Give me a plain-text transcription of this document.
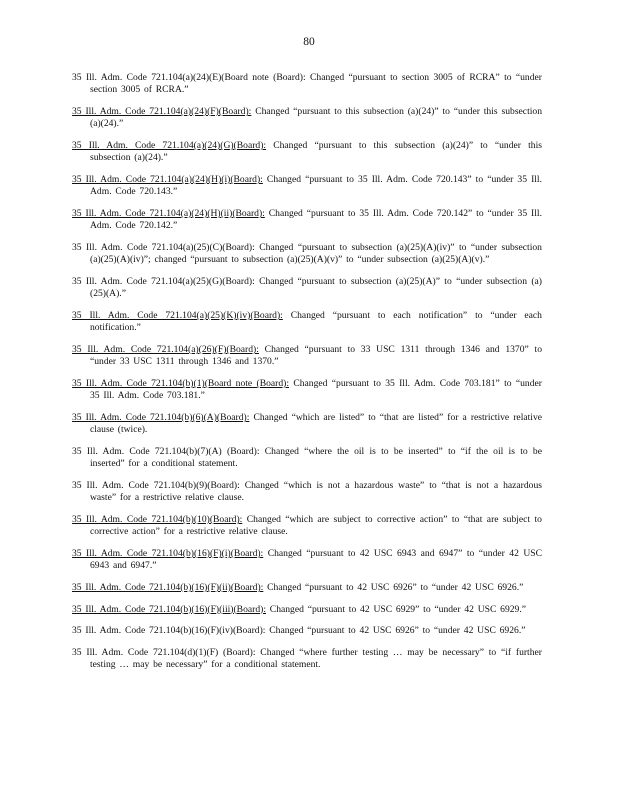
80

35 Ill. Adm. Code 721.104(a)(24)(E)(Board note (Board): Changed “pursuant to section 3005 of RCRA” to “under section 3005 of RCRA.”

35 Ill. Adm. Code 721.104(a)(24)(F)(Board): Changed “pursuant to this subsection (a)(24)” to “under this subsection (a)(24).”

35 Ill. Adm. Code 721.104(a)(24)(G)(Board): Changed “pursuant to this subsection (a)(24)” to “under this subsection (a)(24).”

35 Ill. Adm. Code 721.104(a)(24)(H)(i)(Board): Changed “pursuant to 35 Ill. Adm. Code 720.143” to “under 35 Ill. Adm. Code 720.143.”

35 Ill. Adm. Code 721.104(a)(24)(H)(ii)(Board): Changed “pursuant to 35 Ill. Adm. Code 720.142” to “under 35 Ill. Adm. Code 720.142.”

35 Ill. Adm. Code 721.104(a)(25)(C)(Board): Changed “pursuant to subsection (a)(25)(A)(iv)” to “under subsection (a)(25)(A)(iv)”; changed “pursuant to subsection (a)(25)(A)(v)” to “under subsection (a)(25)(A)(v).”

35 Ill. Adm. Code 721.104(a)(25)(G)(Board): Changed “pursuant to subsection (a)(25)(A)” to “under subsection (a)(25)(A).”

35 Ill. Adm. Code 721.104(a)(25)(K)(iv)(Board): Changed “pursuant to each notification” to “under each notification.”

35 Ill. Adm. Code 721.104(a)(26)(F)(Board): Changed “pursuant to 33 USC 1311 through 1346 and 1370” to “under 33 USC 1311 through 1346 and 1370.”

35 Ill. Adm. Code 721.104(b)(1)(Board note (Board): Changed “pursuant to 35 Ill. Adm. Code 703.181” to “under 35 Ill. Adm. Code 703.181.”

35 Ill. Adm. Code 721.104(b)(6)(A)(Board): Changed “which are listed” to “that are listed” for a restrictive relative clause (twice).

35 Ill. Adm. Code 721.104(b)(7)(A) (Board): Changed “where the oil is to be inserted” to “if the oil is to be inserted” for a conditional statement.

35 Ill. Adm. Code 721.104(b)(9)(Board): Changed “which is not a hazardous waste” to “that is not a hazardous waste” for a restrictive relative clause.

35 Ill. Adm. Code 721.104(b)(10)(Board): Changed “which are subject to corrective action” to “that are subject to corrective action” for a restrictive relative clause.

35 Ill. Adm. Code 721.104(b)(16)(F)(i)(Board): Changed “pursuant to 42 USC 6943 and 6947” to “under 42 USC 6943 and 6947.”

35 Ill. Adm. Code 721.104(b)(16)(F)(ii)(Board): Changed “pursuant to 42 USC 6926” to “under 42 USC 6926.”

35 Ill. Adm. Code 721.104(b)(16)(F)(iii)(Board): Changed “pursuant to 42 USC 6929” to “under 42 USC 6929.”

35 Ill. Adm. Code 721.104(b)(16)(F)(iv)(Board): Changed “pursuant to 42 USC 6926” to “under 42 USC 6926.”

35 Ill. Adm. Code 721.104(d)(1)(F) (Board): Changed “where further testing … may be necessary” to “if further testing … may be necessary” for a conditional statement.
